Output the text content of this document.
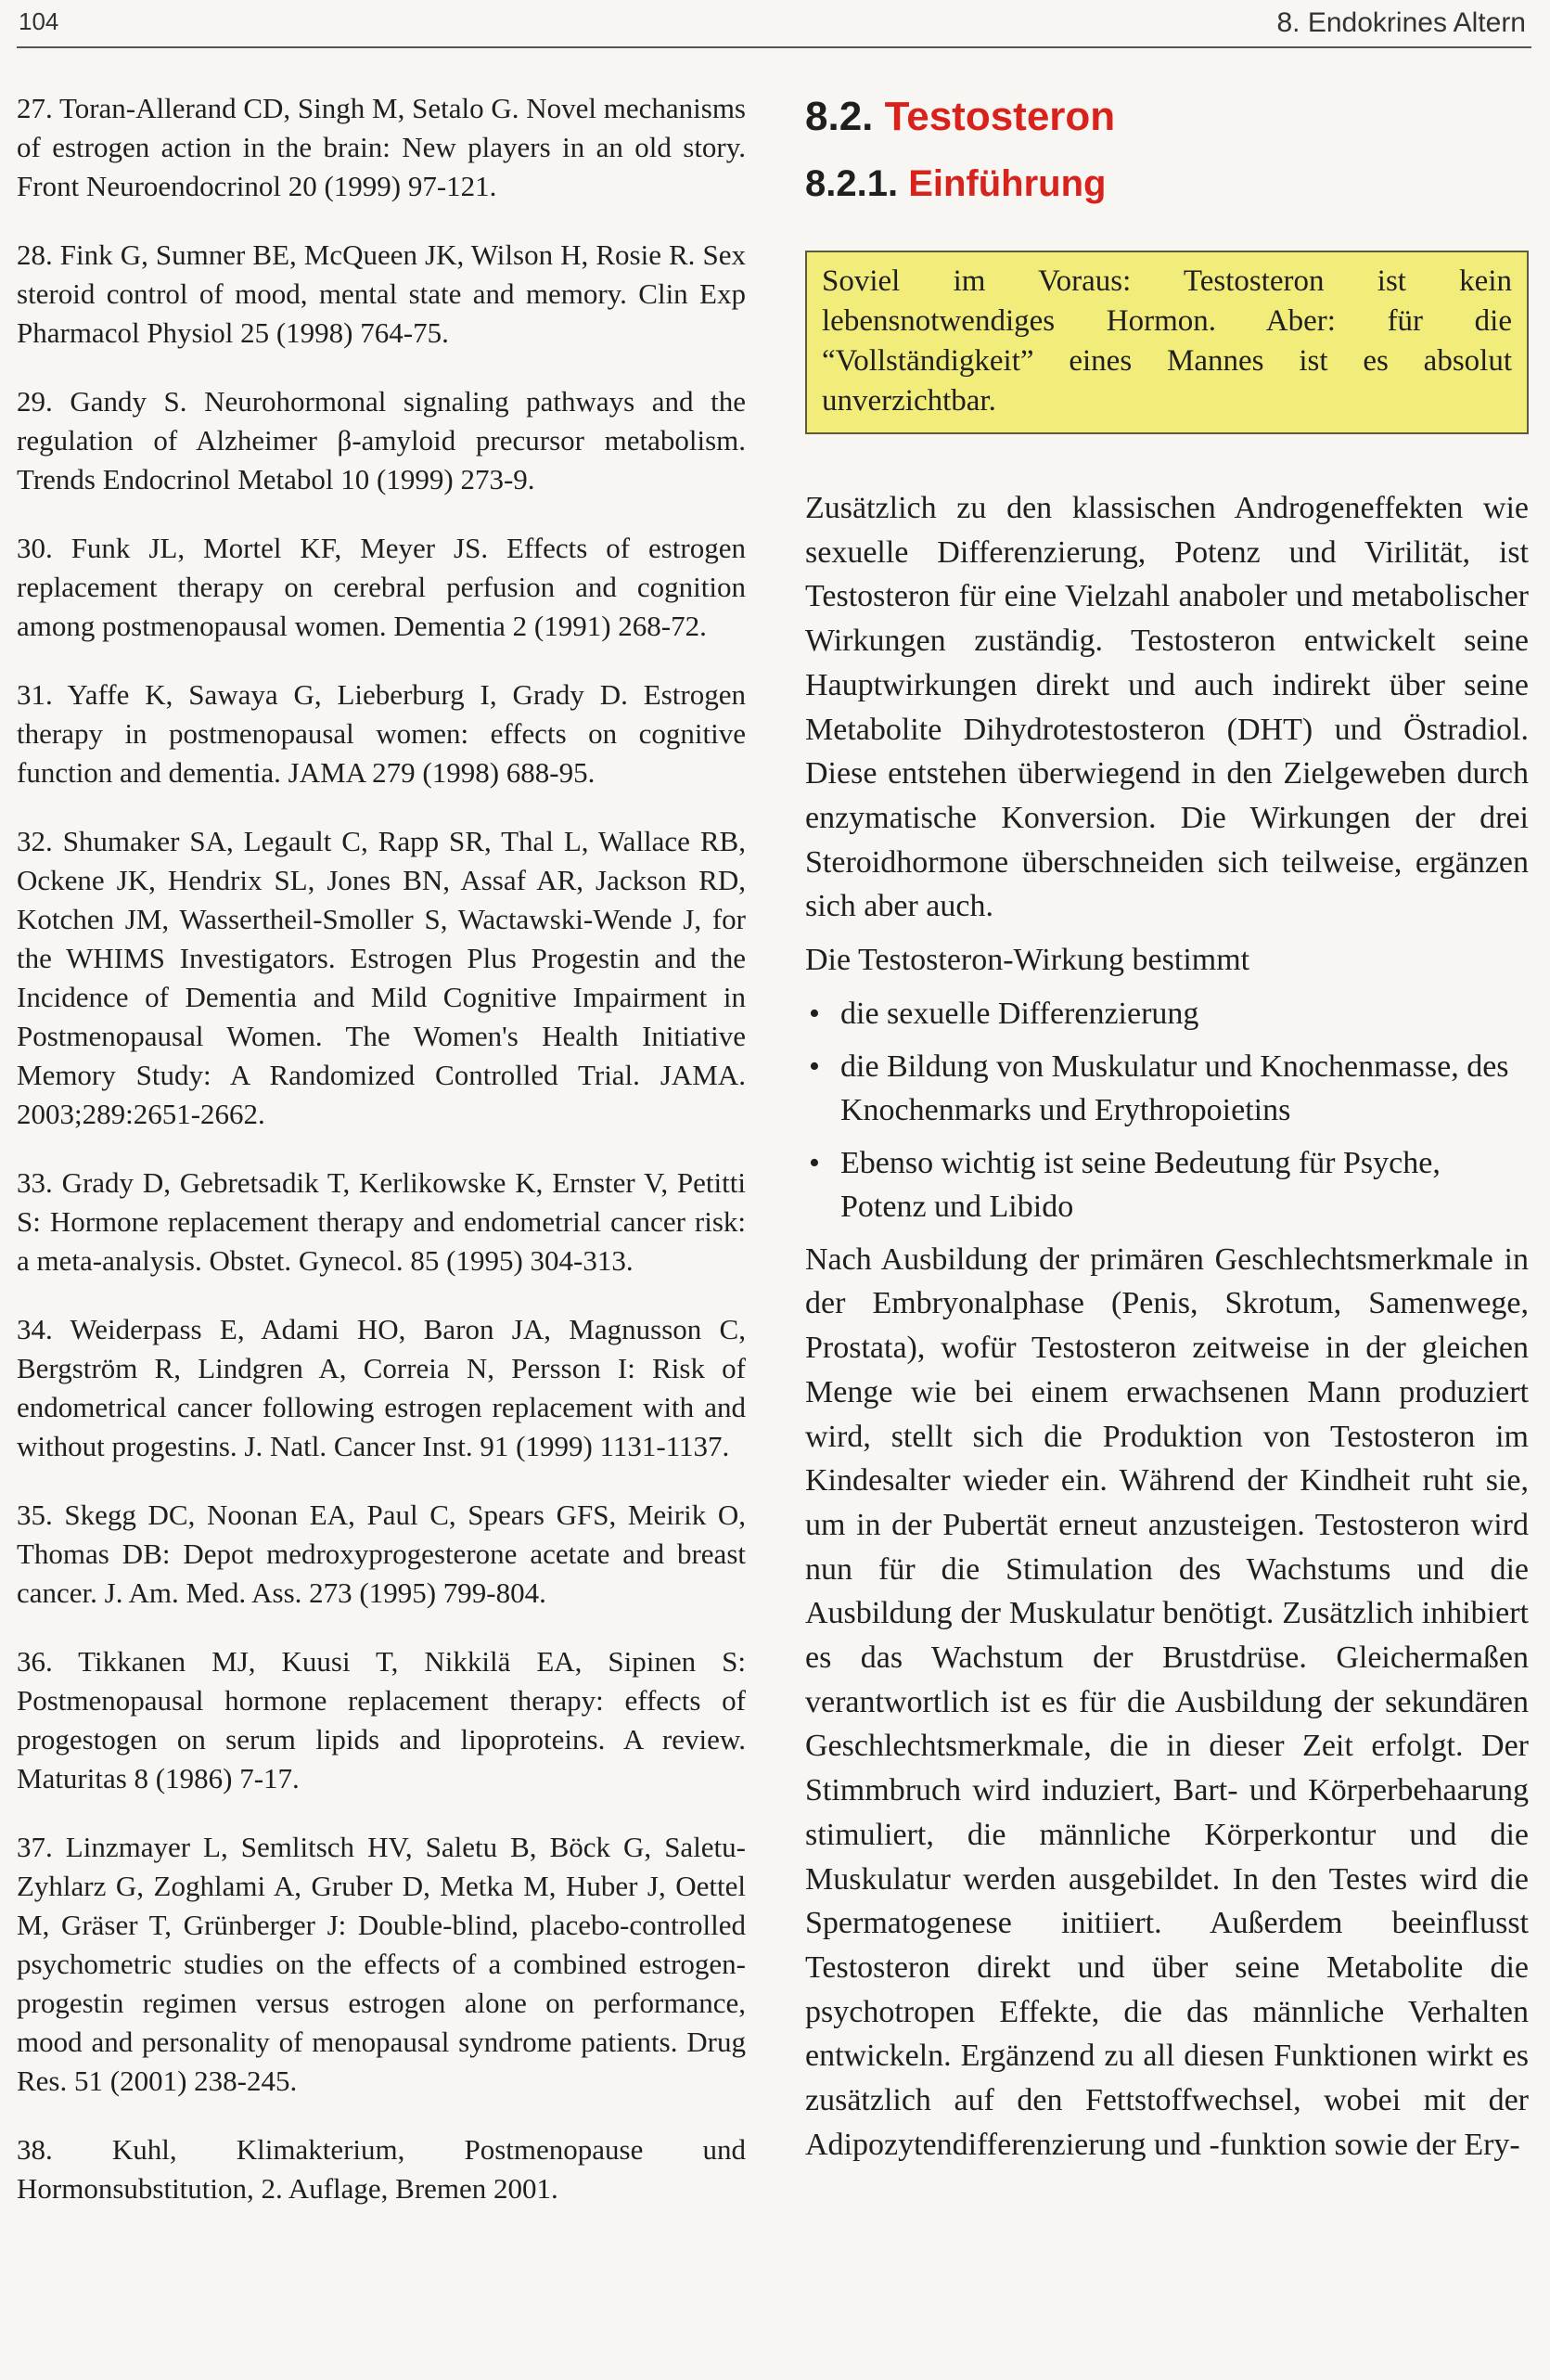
104	8. Endokrines Altern

27. Toran-Allerand CD, Singh M, Setalo G. Novel mechanisms of estrogen action in the brain: New players in an old story. Front Neuroendocrinol 20 (1999) 97-121.

28. Fink G, Sumner BE, McQueen JK, Wilson H, Rosie R. Sex steroid control of mood, mental state and memory. Clin Exp Pharmacol Physiol 25 (1998) 764-75.

29. Gandy S. Neurohormonal signaling pathways and the regulation of Alzheimer β-amyloid precursor metabolism. Trends Endocrinol Metabol 10 (1999) 273-9.

30. Funk JL, Mortel KF, Meyer JS. Effects of estrogen replacement therapy on cerebral perfusion and cognition among postmenopausal women. Dementia 2 (1991) 268-72.

31. Yaffe K, Sawaya G, Lieberburg I, Grady D. Estrogen therapy in postmenopausal women: effects on cognitive function and dementia. JAMA 279 (1998) 688-95.

32. Shumaker SA, Legault C, Rapp SR, Thal L, Wallace RB, Ockene JK, Hendrix SL, Jones BN, Assaf AR, Jackson RD, Kotchen JM, Wassertheil-Smoller S, Wactawski-Wende J, for the WHIMS Investigators. Estrogen Plus Progestin and the Incidence of Dementia and Mild Cognitive Impairment in Postmenopausal Women. The Women's Health Initiative Memory Study: A Randomized Controlled Trial. JAMA. 2003;289:2651-2662.

33. Grady D, Gebretsadik T, Kerlikowske K, Ernster V, Petitti S: Hormone replacement therapy and endometrial cancer risk: a meta-analysis. Obstet. Gynecol. 85 (1995) 304-313.

34. Weiderpass E, Adami HO, Baron JA, Magnusson C, Bergström R, Lindgren A, Correia N, Persson I: Risk of endometrical cancer following estrogen replacement with and without progestins. J. Natl. Cancer Inst. 91 (1999) 1131-1137.

35. Skegg DC, Noonan EA, Paul C, Spears GFS, Meirik O, Thomas DB: Depot medroxyprogesterone acetate and breast cancer. J. Am. Med. Ass. 273 (1995) 799-804.

36. Tikkanen MJ, Kuusi T, Nikkilä EA, Sipinen S: Postmenopausal hormone replacement therapy: effects of progestogen on serum lipids and lipoproteins. A review. Maturitas 8 (1986) 7-17.

37. Linzmayer L, Semlitsch HV, Saletu B, Böck G, Saletu-Zyhlarz G, Zoghlami A, Gruber D, Metka M, Huber J, Oettel M, Gräser T, Grünberger J: Double-blind, placebo-controlled psychometric studies on the effects of a combined estrogen-progestin regimen versus estrogen alone on performance, mood and personality of menopausal syndrome patients. Drug Res. 51 (2001) 238-245.

38. Kuhl, Klimakterium, Postmenopause und Hormonsubstitution, 2. Auflage, Bremen 2001.

8.2. Testosteron
8.2.1. Einführung
Soviel im Voraus: Testosteron ist kein lebensnotwendiges Hormon. Aber: für die “Vollständigkeit” eines Mannes ist es absolut unverzichtbar.

Zusätzlich zu den klassischen Androgeneffekten wie sexuelle Differenzierung, Potenz und Virilität, ist Testosteron für eine Vielzahl anaboler und metabolischer Wirkungen zuständig. Testosteron entwickelt seine Hauptwirkungen direkt und auch indirekt über seine Metabolite Dihydrotestosteron (DHT) und Östradiol. Diese entstehen überwiegend in den Zielgeweben durch enzymatische Konversion. Die Wirkungen der drei Steroidhormone überschneiden sich teilweise, ergänzen sich aber auch.

Die Testosteron-Wirkung bestimmt

• die sexuelle Differenzierung
• die Bildung von Muskulatur und Knochenmasse, des Knochenmarks und Erythropoietins
• Ebenso wichtig ist seine Bedeutung für Psyche, Potenz und Libido

Nach Ausbildung der primären Geschlechtsmerkmale in der Embryonalphase (Penis, Skrotum, Samenwege, Prostata), wofür Testosteron zeitweise in der gleichen Menge wie bei einem erwachsenen Mann produziert wird, stellt sich die Produktion von Testosteron im Kindesalter wieder ein. Während der Kindheit ruht sie, um in der Pubertät erneut anzusteigen. Testosteron wird nun für die Stimulation des Wachstums und die Ausbildung der Muskulatur benötigt. Zusätzlich inhibiert es das Wachstum der Brustdrüse. Gleichermaßen verantwortlich ist es für die Ausbildung der sekundären Geschlechtsmerkmale, die in dieser Zeit erfolgt. Der Stimmbruch wird induziert, Bart- und Körperbehaarung stimuliert, die männliche Körperkontur und die Muskulatur werden ausgebildet. In den Testes wird die Spermatogenese initiiert. Außerdem beeinflusst Testosteron direkt und über seine Metabolite die psychotropen Effekte, die das männliche Verhalten entwickeln. Ergänzend zu all diesen Funktionen wirkt es zusätzlich auf den Fettstoffwechsel, wobei mit der Adipozytendifferenzierung und -funktion sowie der Ery-
